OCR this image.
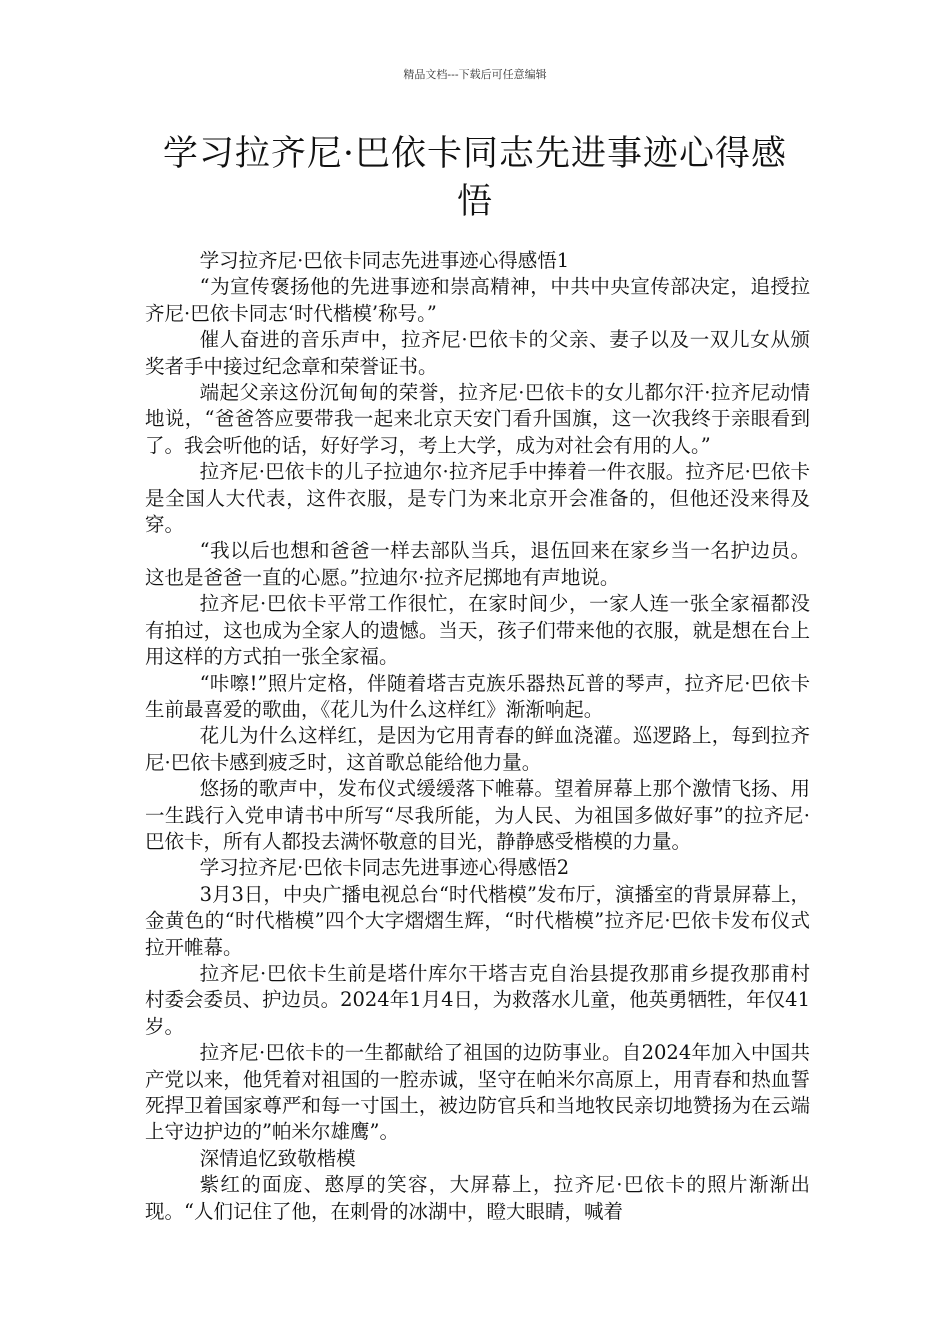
精品文档---下载后可任意编辑
学习拉齐尼·巴依卡同志先进事迹心得感悟

学习拉齐尼·巴依卡同志先进事迹心得感悟1

“为宣传褒扬他的先进事迹和崇高精神，中共中央宣传部决定，追授拉齐尼·巴依卡同志‘时代楷模’称号。”

催人奋进的音乐声中，拉齐尼·巴依卡的父亲、妻子以及一双儿女从颁奖者手中接过纪念章和荣誉证书。

端起父亲这份沉甸甸的荣誉，拉齐尼·巴依卡的女儿都尔汗·拉齐尼动情地说，“爸爸答应要带我一起来北京天安门看升国旗，这一次我终于亲眼看到了。我会听他的话，好好学习，考上大学，成为对社会有用的人。”

拉齐尼·巴依卡的儿子拉迪尔·拉齐尼手中捧着一件衣服。拉齐尼·巴依卡是全国人大代表，这件衣服，是专门为来北京开会准备的，但他还没来得及穿。

“我以后也想和爸爸一样去部队当兵，退伍回来在家乡当一名护边员。这也是爸爸一直的心愿。”拉迪尔·拉齐尼掷地有声地说。

拉齐尼·巴依卡平常工作很忙，在家时间少，一家人连一张全家福都没有拍过，这也成为全家人的遗憾。当天，孩子们带来他的衣服，就是想在台上用这样的方式拍一张全家福。

“咔嚓!”照片定格，伴随着塔吉克族乐器热瓦普的琴声，拉齐尼·巴依卡生前最喜爱的歌曲，《花儿为什么这样红》渐渐响起。

花儿为什么这样红，是因为它用青春的鲜血浇灌。巡逻路上，每到拉齐尼·巴依卡感到疲乏时，这首歌总能给他力量。

悠扬的歌声中，发布仪式缓缓落下帷幕。望着屏幕上那个激情飞扬、用一生践行入党申请书中所写“尽我所能，为人民、为祖国多做好事”的拉齐尼·巴依卡，所有人都投去满怀敬意的目光，静静感受楷模的力量。

学习拉齐尼·巴依卡同志先进事迹心得感悟2

3月3日，中央广播电视总台“时代楷模”发布厅，演播室的背景屏幕上，金黄色的“时代楷模”四个大字熠熠生辉，“时代楷模”拉齐尼·巴依卡发布仪式拉开帷幕。

拉齐尼·巴依卡生前是塔什库尔干塔吉克自治县提孜那甫乡提孜那甫村村委会委员、护边员。2024年1月4日，为救落水儿童，他英勇牺牲，年仅41岁。

拉齐尼·巴依卡的一生都献给了祖国的边防事业。自2024年加入中国共产党以来，他凭着对祖国的一腔赤诚，坚守在帕米尔高原上，用青春和热血誓死捍卫着国家尊严和每一寸国土，被边防官兵和当地牧民亲切地赞扬为在云端上守边护边的”帕米尔雄鹰”。

深情追忆致敬楷模

紫红的面庞、憨厚的笑容，大屏幕上，拉齐尼·巴依卡的照片渐渐出现。“人们记住了他，在刺骨的冰湖中，瞪大眼睛，喊着
